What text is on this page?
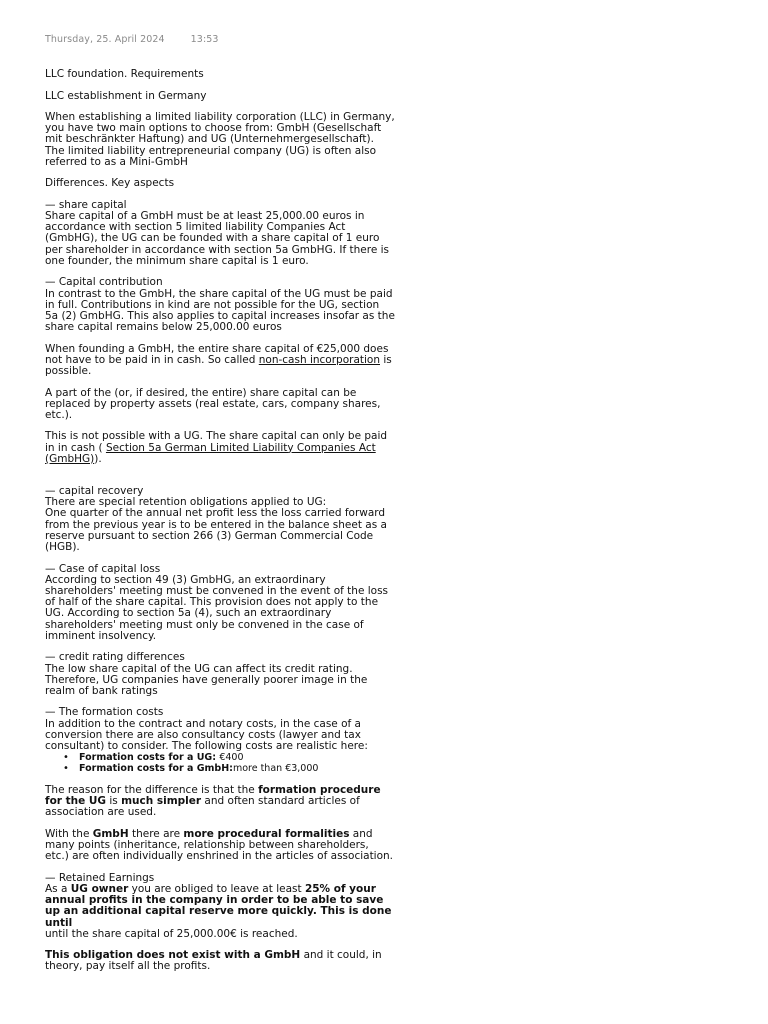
Thursday, 25. April 2024	13:53

LLC foundation. Requirements

LLC establishment in Germany

When establishing a limited liability corporation (LLC) in Germany, you have two main options to choose from: GmbH (Gesellschaft mit beschränkter Haftung) and UG (Unternehmergesellschaft).

The limited liability entrepreneurial company (UG) is often also referred to as a Mini-GmbH

Differences. Key aspects

— share capital
Share capital of a GmbH must be at least 25,000.00 euros in accordance with section 5 limited liability Companies Act (GmbHG), the UG can be founded with a share capital of 1 euro per shareholder in accordance with section 5a GmbHG. If there is one founder, the minimum share capital is 1 euro.

— Capital contribution
In contrast to the GmbH, the share capital of the UG must be paid in full. Contributions in kind are not possible for the UG, section 5a (2) GmbHG. This also applies to capital increases insofar as the share capital remains below 25,000.00 euros

When founding a GmbH, the entire share capital of €25,000 does not have to be paid in in cash. So called non-cash incorporation is possible.

A part of the (or, if desired, the entire) share capital can be replaced by property assets (real estate, cars, company shares, etc.).

This is not possible with a UG. The share capital can only be paid in in cash ( Section 5a German Limited Liability Companies Act (GmbHG)).

— capital recovery
There are special retention obligations applied to UG:
One quarter of the annual net profit less the loss carried forward from the previous year is to be entered in the balance sheet as a reserve pursuant to section 266 (3) German Commercial Code (HGB).

— Case of capital loss
According to section 49 (3) GmbHG, an extraordinary shareholders' meeting must be convened in the event of the loss of half of the share capital. This provision does not apply to the UG. According to section 5a (4), such an extraordinary shareholders' meeting must only be convened in the case of imminent insolvency.

— credit rating differences
The low share capital of the UG can affect its credit rating. Therefore, UG companies have generally poorer image in the realm of bank ratings

— The formation costs
In addition to the contract and notary costs, in the case of a conversion there are also consultancy costs (lawyer and tax consultant) to consider. The following costs are realistic here:

• Formation costs for a UG: €400
• Formation costs for a GmbH:more than €3,000

The reason for the difference is that the formation procedure for the UG is much simpler and often standard articles of association are used.

With the GmbH there are more procedural formalities and many points (inheritance, relationship between shareholders, etc.) are often individually enshrined in the articles of association.

— Retained Earnings
As a UG owner you are obliged to leave at least 25% of your annual profits in the company in order to be able to save up an additional capital reserve more quickly. This is done until
until the share capital of 25,000.00€ is reached.

This obligation does not exist with a GmbH and it could, in theory, pay itself all the profits.
